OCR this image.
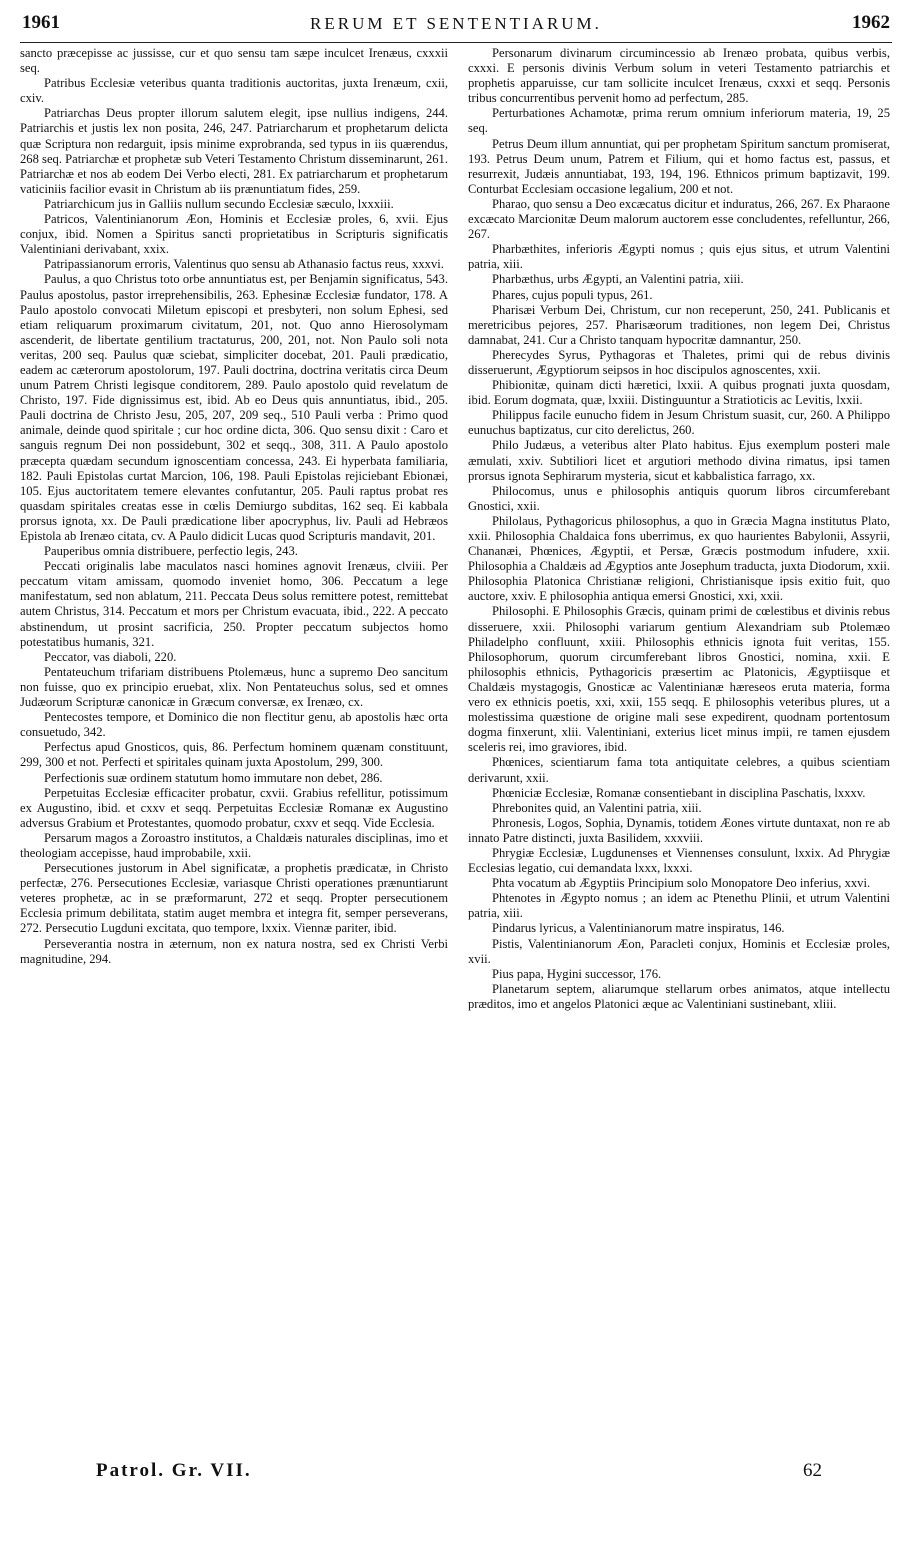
1961	RERUM ET SENTENTIARUM.	1962

sancto præcepisse ac jussisse, cur et quo sensu tam sæpe inculcet Irenæus, cxxxii seq.

Patribus Ecclesiæ veteribus quanta traditionis auctoritas, juxta Irenæum, cxii, cxiv.

Patriarchas Deus propter illorum salutem elegit, ipse nullius indigens, 244. Patriarchis et justis lex non posita, 246, 247. Patriarcharum et prophetarum delicta quæ Scriptura non redarguit, ipsis minime exprobranda, sed typus in iis quærendus, 268 seq. Patriarchæ et prophetæ sub Veteri Testamento Christum disseminarunt, 261. Patriarchæ et nos ab eodem Dei Verbo electi, 281. Ex patriarcharum et prophetarum vaticiniis facilior evasit in Christum ab iis prænuntiatum fides, 259.

Patriarchicum jus in Galliis nullum secundo Ecclesiæ sæculo, lxxxiii.

Patricos, Valentinianorum Æon, Hominis et Ecclesiæ proles, 6, xvii. Ejus conjux, ibid. Nomen a Spiritus sancti proprietatibus in Scripturis significatis Valentiniani derivabant, xxix.

Patripassianorum erroris, Valentinus quo sensu ab Athanasio factus reus, xxxvi.

Paulus, a quo Christus toto orbe annuntiatus est, per Benjamin significatus, 543. Paulus apostolus, pastor irreprehensibilis, 263. Ephesinæ Ecclesiæ fundator, 178. A Paulo apostolo convocati Miletum episcopi et presbyteri, non solum Ephesi, sed etiam reliquarum proximarum civitatum, 201, not. Quo anno Hierosolymam ascenderit, de libertate gentilium tractaturus, 200, 201, not. Non Paulo soli nota veritas, 200 seq. Paulus quæ sciebat, simpliciter docebat, 201. Pauli prædicatio, eadem ac cæterorum apostolorum, 197. Pauli doctrina, doctrina veritatis circa Deum unum Patrem Christi legisque conditorem, 289. Paulo apostolo quid revelatum de Christo, 197. Fide dignissimus est, ibid. Ab eo Deus quis annuntiatus, ibid., 205. Pauli doctrina de Christo Jesu, 205, 207, 209 seq., 510 Pauli verba : Primo quod animale, deinde quod spiritale ; cur hoc ordine dicta, 306. Quo sensu dixit : Caro et sanguis regnum Dei non possidebunt, 302 et seqq., 308, 311. A Paulo apostolo præcepta quædam secundum ignoscentiam concessa, 243. Ei hyperbata familiaria, 182. Pauli Epistolas curtat Marcion, 106, 198. Pauli Epistolas rejiciebant Ebionæi, 105. Ejus auctoritatem temere elevantes confutantur, 205. Pauli raptus probat res quasdam spiritales creatas esse in cœlis Demiurgo subditas, 162 seq. Ei kabbala prorsus ignota, xx. De Pauli prædicatione liber apocryphus, liv. Pauli ad Hebræos Epistola ab Irenæo citata, cv. A Paulo didicit Lucas quod Scripturis mandavit, 201.

Pauperibus omnia distribuere, perfectio legis, 243.

Peccati originalis labe maculatos nasci homines agnovit Irenæus, clviii. Per peccatum vitam amissam, quomodo inveniet homo, 306. Peccatum a lege manifestatum, sed non ablatum, 211. Peccata Deus solus remittere potest, remittebat autem Christus, 314. Peccatum et mors per Christum evacuata, ibid., 222. A peccato abstinendum, ut prosint sacrificia, 250. Propter peccatum subjectos homo potestatibus humanis, 321.

Peccator, vas diaboli, 220.

Pentateuchum trifariam distribuens Ptolemæus, hunc a supremo Deo sancitum non fuisse, quo ex principio eruebat, xlix. Non Pentateuchus solus, sed et omnes Judæorum Scripturæ canonicæ in Græcum conversæ, ex Irenæo, cx.

Pentecostes tempore, et Dominico die non flectitur genu, ab apostolis hæc orta consuetudo, 342.

Perfectus apud Gnosticos, quis, 86. Perfectum hominem quænam constituunt, 299, 300 et not. Perfecti et spiritales quinam juxta Apostolum, 299, 300.

Perfectionis suæ ordinem statutum homo immutare non debet, 286.

Perpetuitas Ecclesiæ efficaciter probatur, cxvii. Grabius refellitur, potissimum ex Augustino, ibid. et cxxv et seqq. Perpetuitas Ecclesiæ Romanæ ex Augustino adversus Grabium et Protestantes, quomodo probatur, cxxv et seqq. Vide Ecclesia.

Persarum magos a Zoroastro institutos, a Chaldæis naturales disciplinas, imo et theologiam accepisse, haud improbabile, xxii.

Persecutiones justorum in Abel significatæ, a prophetis prædicatæ, in Christo perfectæ, 276. Persecutiones Ecclesiæ, variasque Christi operationes prænuntiarunt veteres prophetæ, ac in se præformarunt, 272 et seqq. Propter persecutionem Ecclesia primum debilitata, statim auget membra et integra fit, semper perseverans, 272. Persecutio Lugduni excitata, quo tempore, lxxix. Viennæ pariter, ibid.

Perseverantia nostra in æternum, non ex natura nostra, sed ex Christi Verbi magnitudine, 294.

Personarum divinarum circumincessio ab Irenæo probata, quibus verbis, cxxxi. E personis divinis Verbum solum in veteri Testamento patriarchis et prophetis apparuisse, cur tam sollicite inculcet Irenæus, cxxxi et seqq. Personis tribus concurrentibus pervenit homo ad perfectum, 285.

Perturbationes Achamotæ, prima rerum omnium inferiorum materia, 19, 25 seq.

Petrus Deum illum annuntiat, qui per prophetam Spiritum sanctum promiserat, 193. Petrus Deum unum, Patrem et Filium, qui et homo factus est, passus, et resurrexit, Judæis annuntiabat, 193, 194, 196. Ethnicos primum baptizavit, 199. Conturbat Ecclesiam occasione legalium, 200 et not.

Pharao, quo sensu a Deo excæcatus dicitur et induratus, 266, 267. Ex Pharaone excæcato Marcionitæ Deum malorum auctorem esse concludentes, refelluntur, 266, 267.

Pharbæthites, inferioris Ægypti nomus ; quis ejus situs, et utrum Valentini patria, xiii.

Pharbæthus, urbs Ægypti, an Valentini patria, xiii.

Phares, cujus populi typus, 261.

Pharisæi Verbum Dei, Christum, cur non receperunt, 250, 241. Publicanis et meretricibus pejores, 257. Pharisæorum traditiones, non legem Dei, Christus damnabat, 241. Cur a Christo tanquam hypocritæ damnantur, 250.

Pherecydes Syrus, Pythagoras et Thaletes, primi qui de rebus divinis disseruerunt, Ægyptiorum seipsos in hoc discipulos agnoscentes, xxii.

Phibionitæ, quinam dicti hæretici, lxxii. A quibus prognati juxta quosdam, ibid. Eorum dogmata, quæ, lxxiii. Distinguuntur a Stratioticis ac Levitis, lxxii.

Philippus facile eunucho fidem in Jesum Christum suasit, cur, 260. A Philippo eunuchus baptizatus, cur cito derelictus, 260.

Philo Judæus, a veteribus alter Plato habitus. Ejus exemplum posteri male æmulati, xxiv. Subtiliori licet et argutiori methodo divina rimatus, ipsi tamen prorsus ignota Sephirarum mysteria, sicut et kabbalistica farrago, xx.

Philocomus, unus e philosophis antiquis quorum libros circumferebant Gnostici, xxii.

Philolaus, Pythagoricus philosophus, a quo in Græcia Magna institutus Plato, xxii. Philosophia Chaldaica fons uberrimus, ex quo haurientes Babylonii, Assyrii, Chananæi, Phœnices, Ægyptii, et Persæ, Græcis postmodum infudere, xxii. Philosophia a Chaldæis ad Ægyptios ante Josephum traducta, juxta Diodorum, xxii. Philosophia Platonica Christianæ religioni, Christianisque ipsis exitio fuit, quo auctore, xxiv. E philosophia antiqua emersi Gnostici, xxi, xxii.

Philosophi. E Philosophis Græcis, quinam primi de cœlestibus et divinis rebus disseruere, xxii. Philosophi variarum gentium Alexandriam sub Ptolemæo Philadelpho confluunt, xxiii. Philosophis ethnicis ignota fuit veritas, 155. Philosophorum, quorum circumferebant libros Gnostici, nomina, xxii. E philosophis ethnicis, Pythagoricis præsertim ac Platonicis, Ægyptiisque et Chaldæis mystagogis, Gnosticæ ac Valentinianæ hæreseos eruta materia, forma vero ex ethnicis poetis, xxi, xxii, 155 seqq. E philosophis veteribus plures, ut a molestissima quæstione de origine mali sese expedirent, quodnam portentosum dogma finxerunt, xlii. Valentiniani, exterius licet minus impii, re tamen ejusdem sceleris rei, imo graviores, ibid.

Phœnices, scientiarum fama tota antiquitate celebres, a quibus scientiam derivarunt, xxii.

Phœniciæ Ecclesiæ, Romanæ consentiebant in disciplina Paschatis, lxxxv.

Phrebonites quid, an Valentini patria, xiii.

Phronesis, Logos, Sophia, Dynamis, totidem Æones virtute duntaxat, non re ab innato Patre distincti, juxta Basilidem, xxxviii.

Phrygiæ Ecclesiæ, Lugdunenses et Viennenses consulunt, lxxix. Ad Phrygiæ Ecclesias legatio, cui demandata lxxx, lxxxi.

Phta vocatum ab Ægyptiis Principium solo Monopatore Deo inferius, xxvi.

Phtenotes in Ægypto nomus ; an idem ac Ptenethu Plinii, et utrum Valentini patria, xiii.

Pindarus lyricus, a Valentinianorum matre inspiratus, 146.

Pistis, Valentinianorum Æon, Paracleti conjux, Hominis et Ecclesiæ proles, xvii.

Pius papa, Hygini successor, 176.

Planetarum septem, aliarumque stellarum orbes animatos, atque intellectu præditos, imo et angelos Platonici æque ac Valentiniani sustinebant, xliii.

Patrol. Gr. VII.	62
